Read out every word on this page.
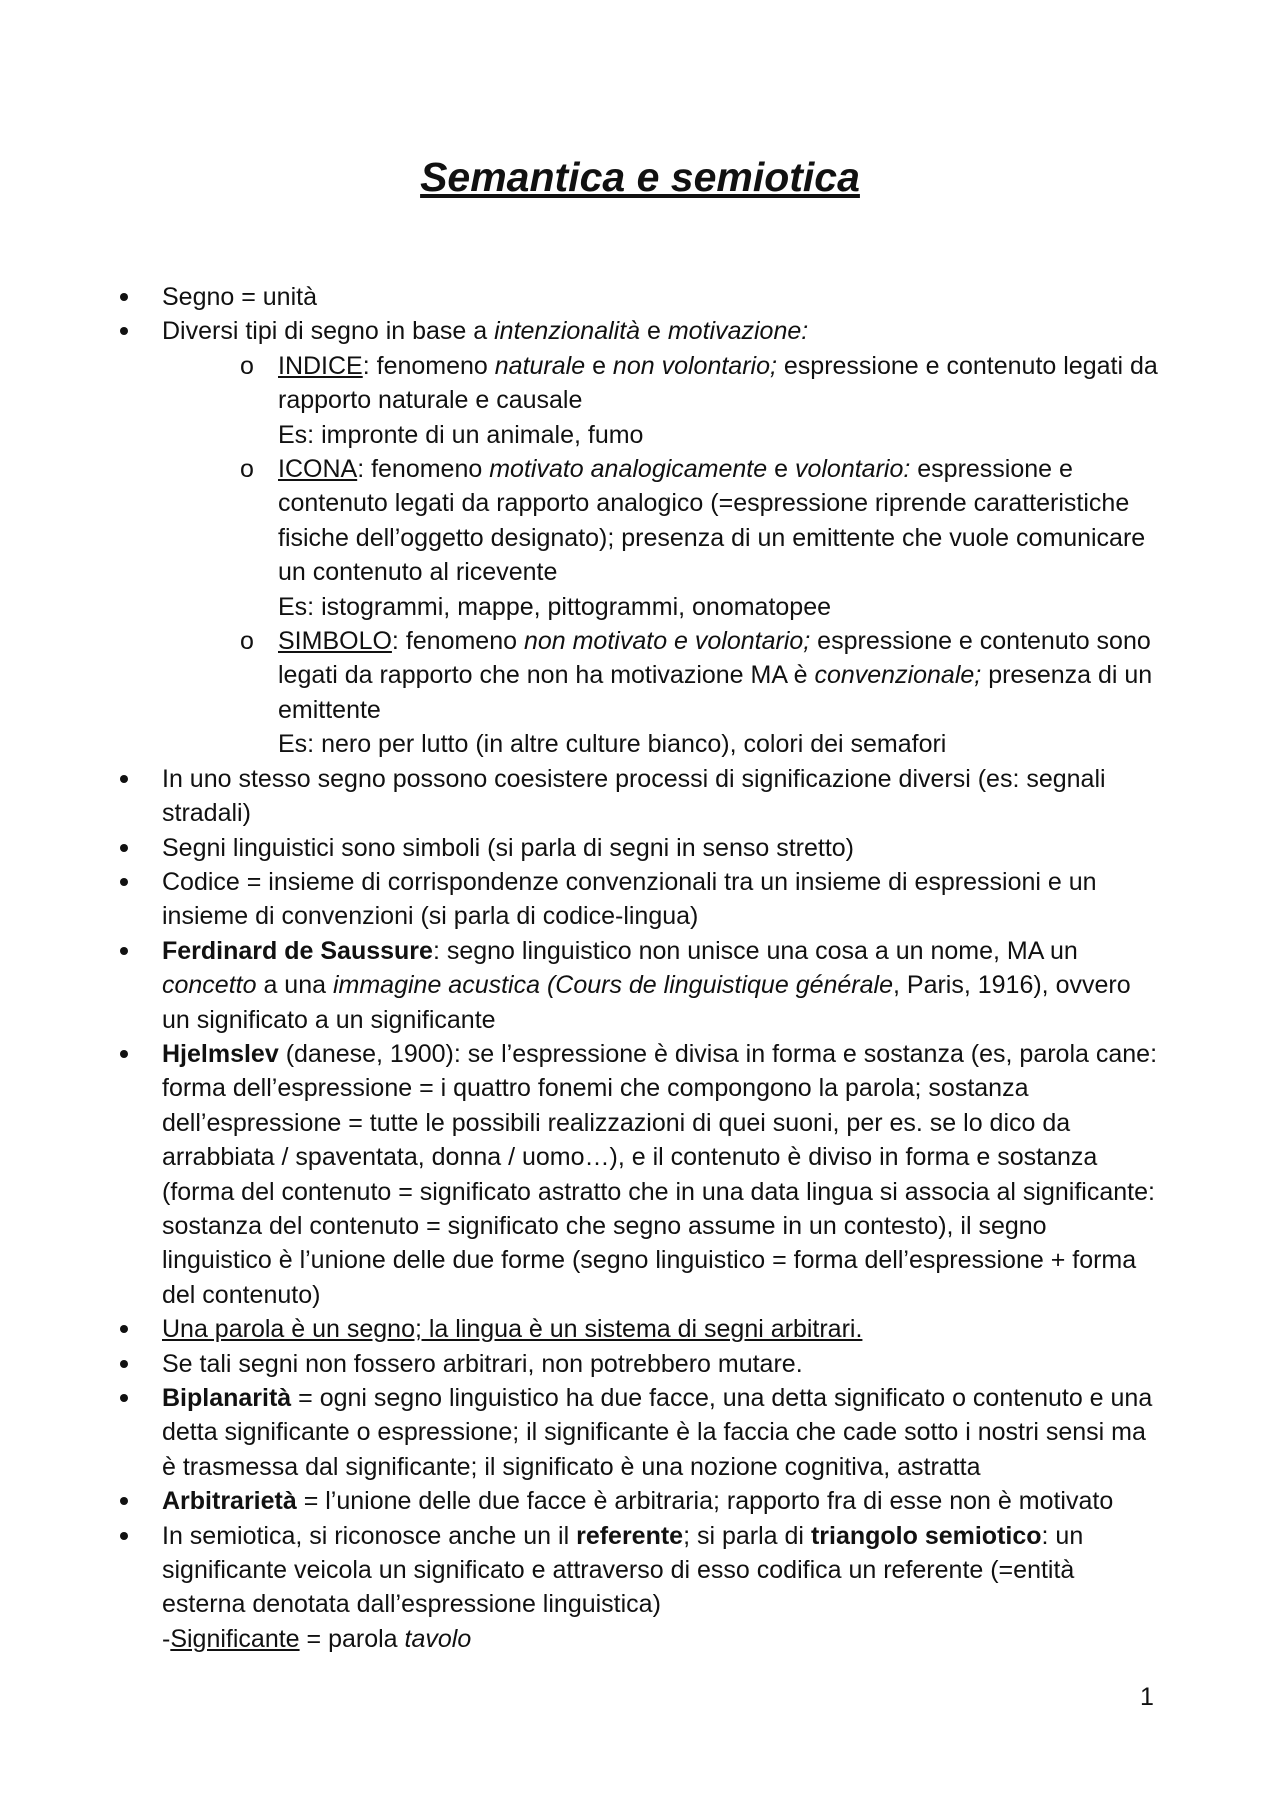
Semantica e semiotica
Segno = unità
Diversi tipi di segno in base a intenzionalità e motivazione:
o INDICE: fenomeno naturale e non volontario; espressione e contenuto legati da rapporto naturale e causale
Es: impronte di un animale, fumo
o ICONA: fenomeno motivato analogicamente e volontario: espressione e contenuto legati da rapporto analogico (=espressione riprende caratteristiche fisiche dell’oggetto designato); presenza di un emittente che vuole comunicare un contenuto al ricevente
Es: istogrammi, mappe, pittogrammi, onomatopee
o SIMBOLO: fenomeno non motivato e volontario; espressione e contenuto sono legati da rapporto che non ha motivazione MA è convenzionale; presenza di un emittente
Es: nero per lutto (in altre culture bianco), colori dei semafori
In uno stesso segno possono coesistere processi di significazione diversi (es: segnali stradali)
Segni linguistici sono simboli (si parla di segni in senso stretto)
Codice = insieme di corrispondenze convenzionali tra un insieme di espressioni e un insieme di convenzioni (si parla di codice-lingua)
Ferdinard de Saussure: segno linguistico non unisce una cosa a un nome, MA un concetto a una immagine acustica (Cours de linguistique générale, Paris, 1916), ovvero un significato a un significante
Hjelmslev (danese, 1900): se l’espressione è divisa in forma e sostanza (es, parola cane: forma dell’espressione = i quattro fonemi che compongono la parola; sostanza dell’espressione = tutte le possibili realizzazioni di quei suoni, per es. se lo dico da arrabbiata / spaventata, donna / uomo…), e il contenuto è diviso in forma e sostanza (forma del contenuto = significato astratto che in una data lingua si associa al significante: sostanza del contenuto = significato che segno assume in un contesto), il segno linguistico è l’unione delle due forme (segno linguistico = forma dell’espressione + forma del contenuto)
Una parola è un segno; la lingua è un sistema di segni arbitrari.
Se tali segni non fossero arbitrari, non potrebbero mutare.
Biplanarità = ogni segno linguistico ha due facce, una detta significato o contenuto e una detta significante o espressione; il significante è la faccia che cade sotto i nostri sensi ma è trasmessa dal significante; il significato è una nozione cognitiva, astratta
Arbitrarietà = l’unione delle due facce è arbitraria; rapporto fra di esse non è motivato
In semiotica, si riconosce anche un il referente; si parla di triangolo semiotico: un significante veicola un significato e attraverso di esso codifica un referente (=entità esterna denotata dall’espressione linguistica)
-Significante = parola tavolo
1
